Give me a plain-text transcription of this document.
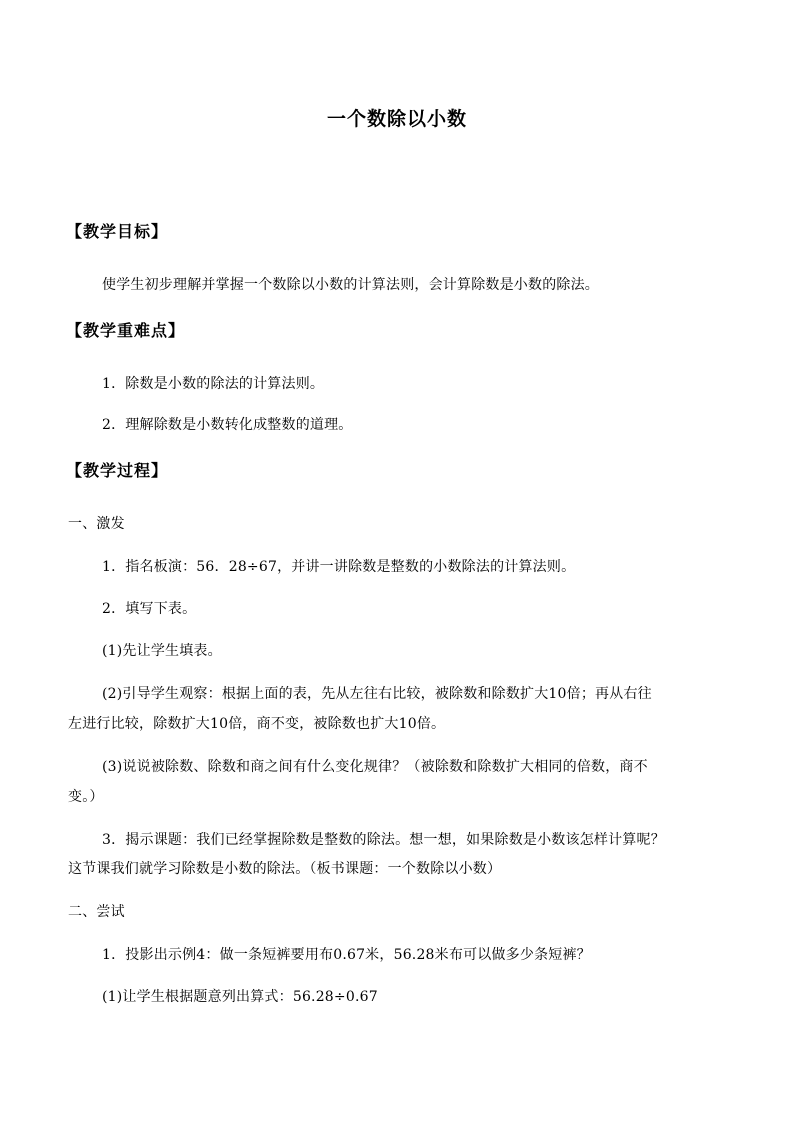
一个数除以小数
【教学目标】
使学生初步理解并掌握一个数除以小数的计算法则，会计算除数是小数的除法。
【教学重难点】
1．除数是小数的除法的计算法则。
2．理解除数是小数转化成整数的道理。
【教学过程】
一、激发
1．指名板演：56．28÷67，并讲一讲除数是整数的小数除法的计算法则。
2．填写下表。
(1)先让学生填表。
(2)引导学生观察：根据上面的表，先从左往右比较，被除数和除数扩大10倍；再从右往
左进行比较，除数扩大10倍，商不变，被除数也扩大10倍。
(3)说说被除数、除数和商之间有什么变化规律？（被除数和除数扩大相同的倍数，商不
变。）
3．揭示课题：我们已经掌握除数是整数的除法。想一想，如果除数是小数该怎样计算呢？
这节课我们就学习除数是小数的除法。（板书课题：一个数除以小数）
二、尝试
1．投影出示例4：做一条短裤要用布0.67米，56.28米布可以做多少条短裤？
(1)让学生根据题意列出算式：56.28÷0.67
